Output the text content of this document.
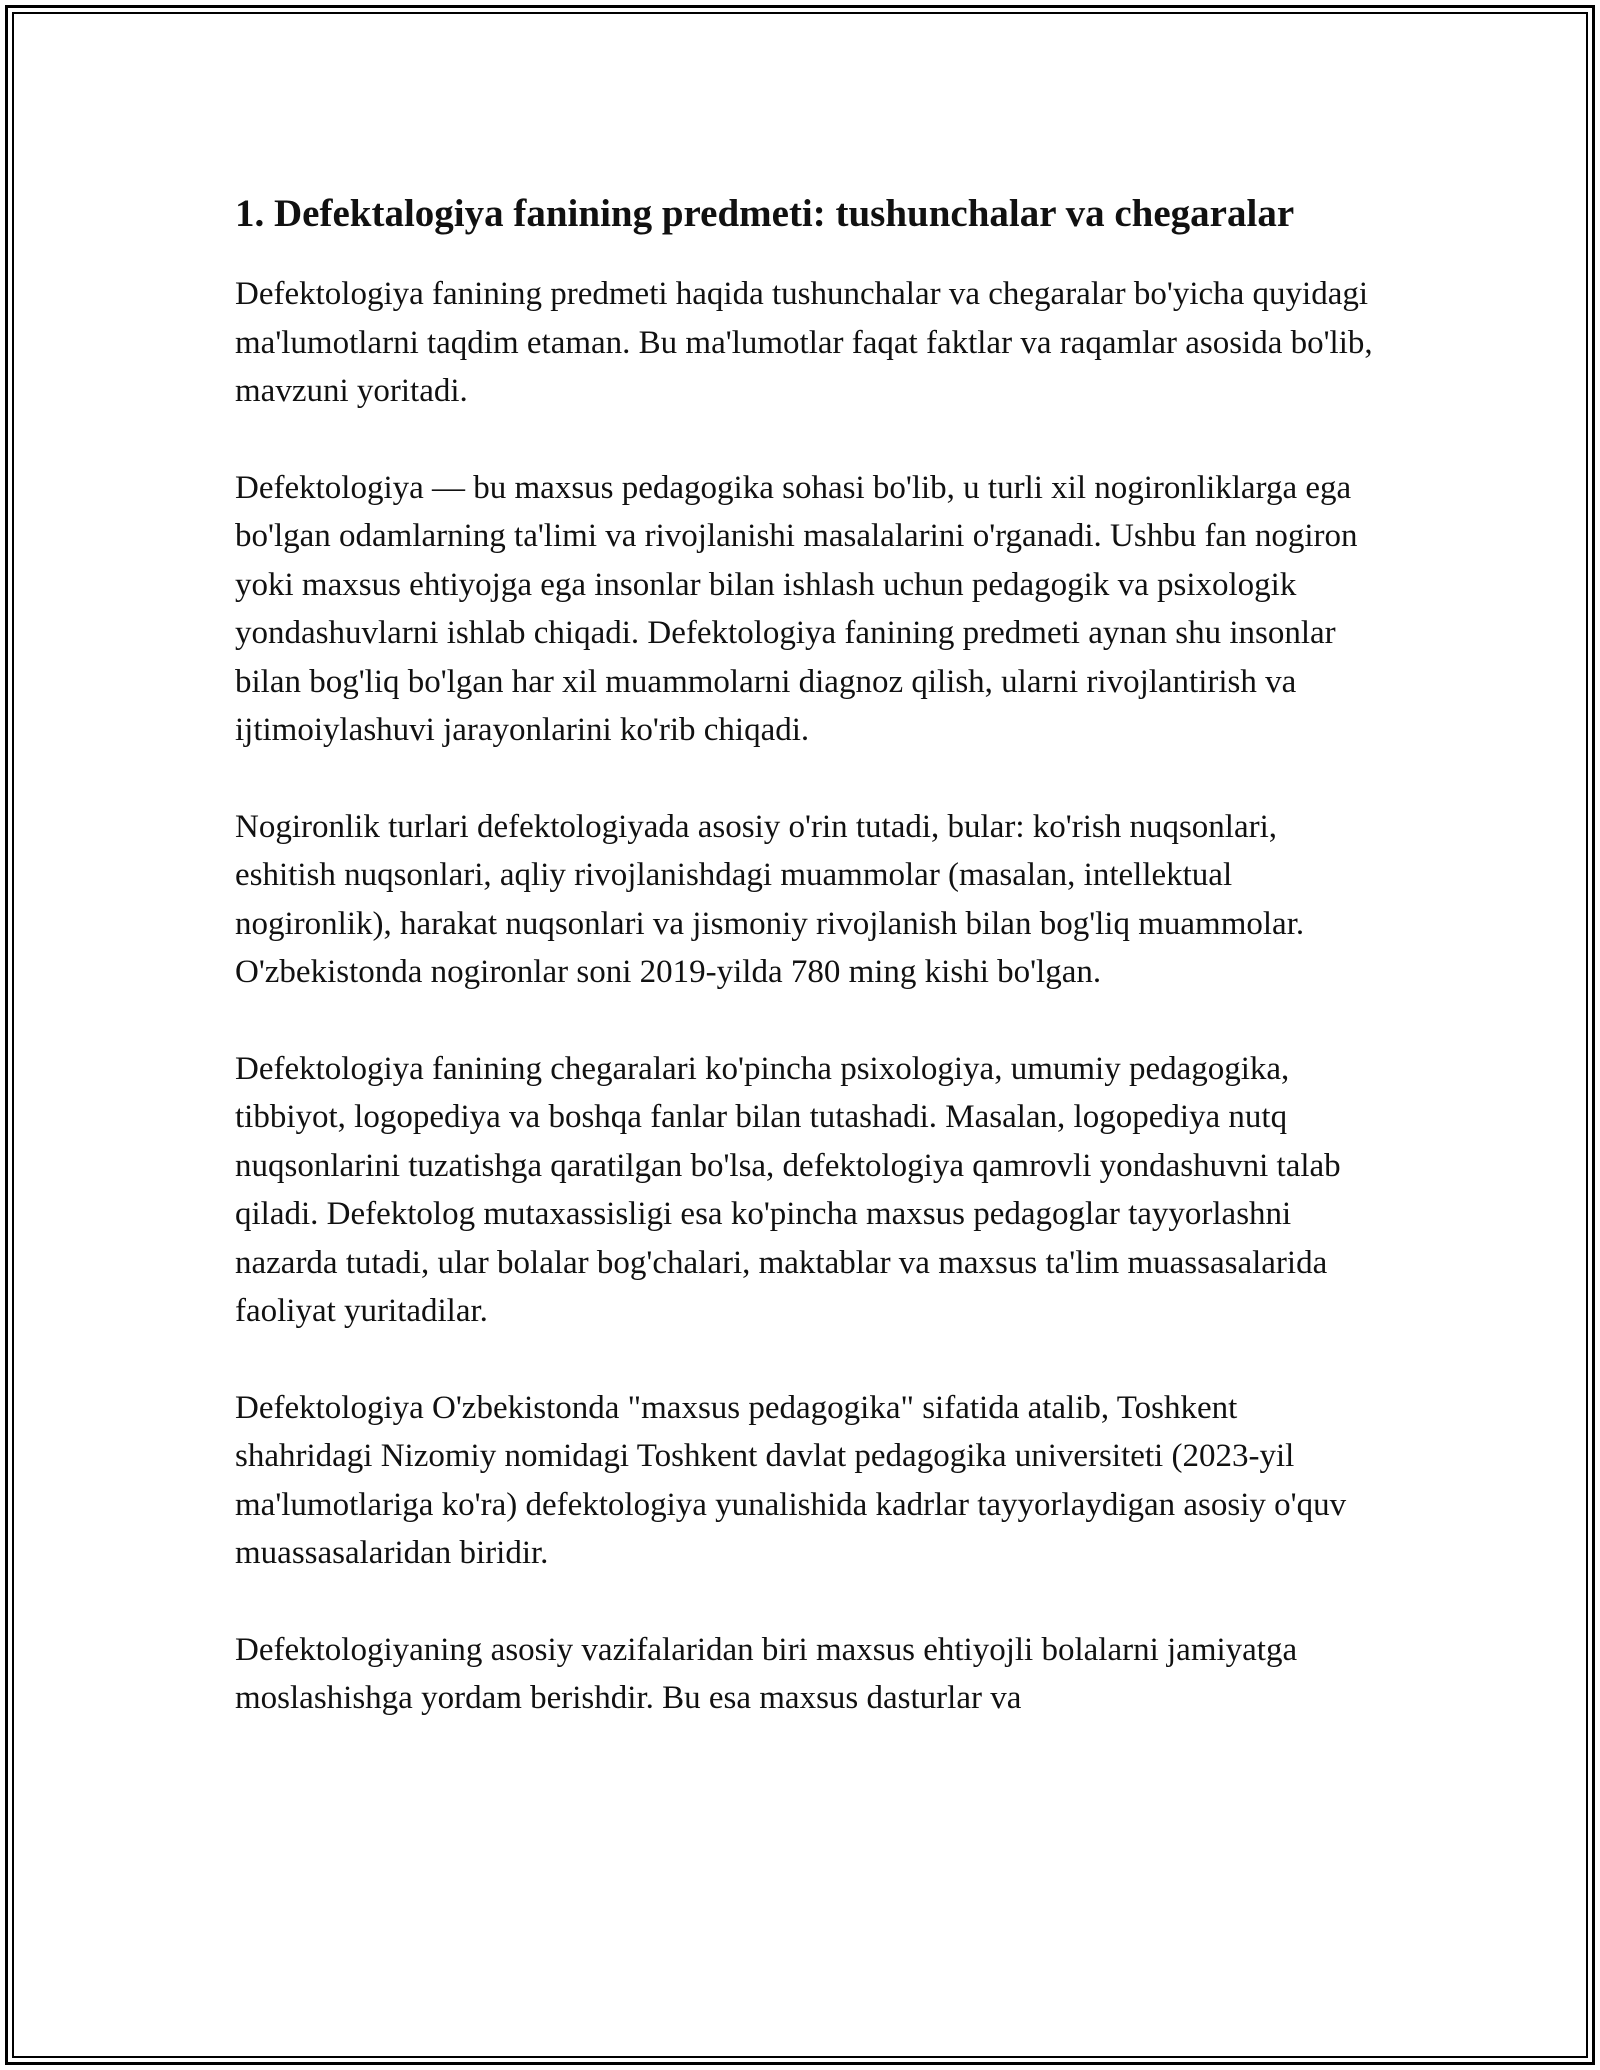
1. Defektalogiya fanining predmeti: tushunchalar va chegaralar

Defektologiya fanining predmeti haqida tushunchalar va chegaralar bo'yicha quyidagi ma'lumotlarni taqdim etaman. Bu ma'lumotlar faqat faktlar va raqamlar asosida bo'lib, mavzuni yoritadi.

Defektologiya — bu maxsus pedagogika sohasi bo'lib, u turli xil nogironliklarga ega bo'lgan odamlarning ta'limi va rivojlanishi masalalarini o'rganadi. Ushbu fan nogiron yoki maxsus ehtiyojga ega insonlar bilan ishlash uchun pedagogik va psixologik yondashuvlarni ishlab chiqadi. Defektologiya fanining predmeti aynan shu insonlar bilan bog'liq bo'lgan har xil muammolarni diagnoz qilish, ularni rivojlantirish va ijtimoiylashuvi jarayonlarini ko'rib chiqadi.

Nogironlik turlari defektologiyada asosiy o'rin tutadi, bular: ko'rish nuqsonlari, eshitish nuqsonlari, aqliy rivojlanishdagi muammolar (masalan, intellektual nogironlik), harakat nuqsonlari va jismoniy rivojlanish bilan bog'liq muammolar. O'zbekistonda nogironlar soni 2019-yilda 780 ming kishi bo'lgan.

Defektologiya fanining chegaralari ko'pincha psixologiya, umumiy pedagogika, tibbiyot, logopediya va boshqa fanlar bilan tutashadi. Masalan, logopediya nutq nuqsonlarini tuzatishga qaratilgan bo'lsa, defektologiya qamrovli yondashuvni talab qiladi. Defektolog mutaxassisligi esa ko'pincha maxsus pedagoglar tayyorlashni nazarda tutadi, ular bolalar bog'chalari, maktablar va maxsus ta'lim muassasalarida faoliyat yuritadilar.

Defektologiya O'zbekistonda "maxsus pedagogika" sifatida atalib, Toshkent shahridagi Nizomiy nomidagi Toshkent davlat pedagogika universiteti (2023-yil ma'lumotlariga ko'ra) defektologiya yunalishida kadrlar tayyorlaydigan asosiy o'quv muassasalaridan biridir.

Defektologiyaning asosiy vazifalaridan biri maxsus ehtiyojli bolalarni jamiyatga moslashishga yordam berishdir. Bu esa maxsus dasturlar va
